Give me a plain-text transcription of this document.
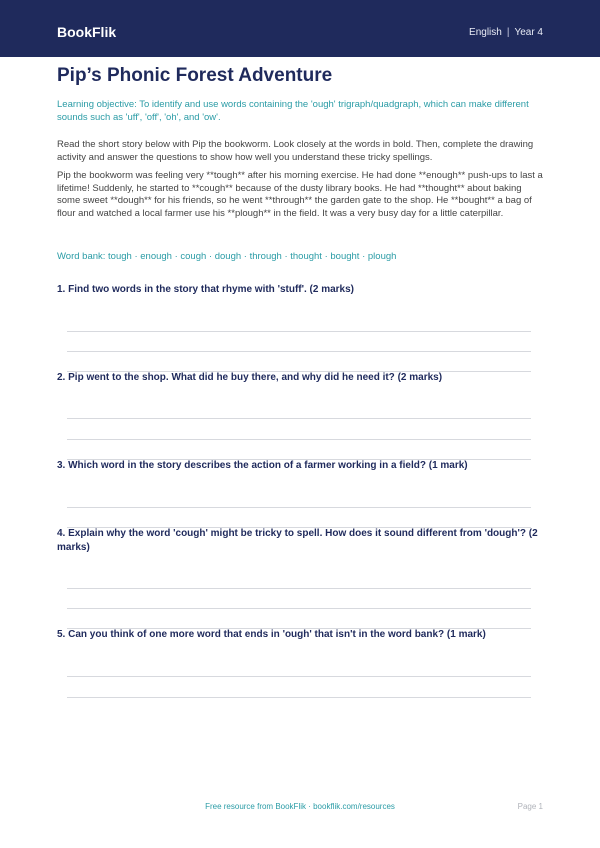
BookFlik	English | Year 4
Pip’s Phonic Forest Adventure
Learning objective: To identify and use words containing the 'ough' trigraph/quadgraph, which can make different sounds such as 'uff', 'off', 'oh', and 'ow'.
Read the short story below with Pip the bookworm. Look closely at the words in bold. Then, complete the drawing activity and answer the questions to show how well you understand these tricky spellings.
Pip the bookworm was feeling very **tough** after his morning exercise. He had done **enough** push-ups to last a lifetime! Suddenly, he started to **cough** because of the dusty library books. He had **thought** about baking some sweet **dough** for his friends, so he went **through** the garden gate to the shop. He **bought** a bag of flour and watched a local farmer use his **plough** in the field. It was a very busy day for a little caterpillar.
Word bank: tough · enough · cough · dough · through · thought · bought · plough
1. Find two words in the story that rhyme with 'stuff'. (2 marks)
2. Pip went to the shop. What did he buy there, and why did he need it? (2 marks)
3. Which word in the story describes the action of a farmer working in a field? (1 mark)
4. Explain why the word 'cough' might be tricky to spell. How does it sound different from 'dough'? (2 marks)
5. Can you think of one more word that ends in 'ough' that isn't in the word bank? (1 mark)
Free resource from BookFlik · bookflik.com/resources	Page 1
